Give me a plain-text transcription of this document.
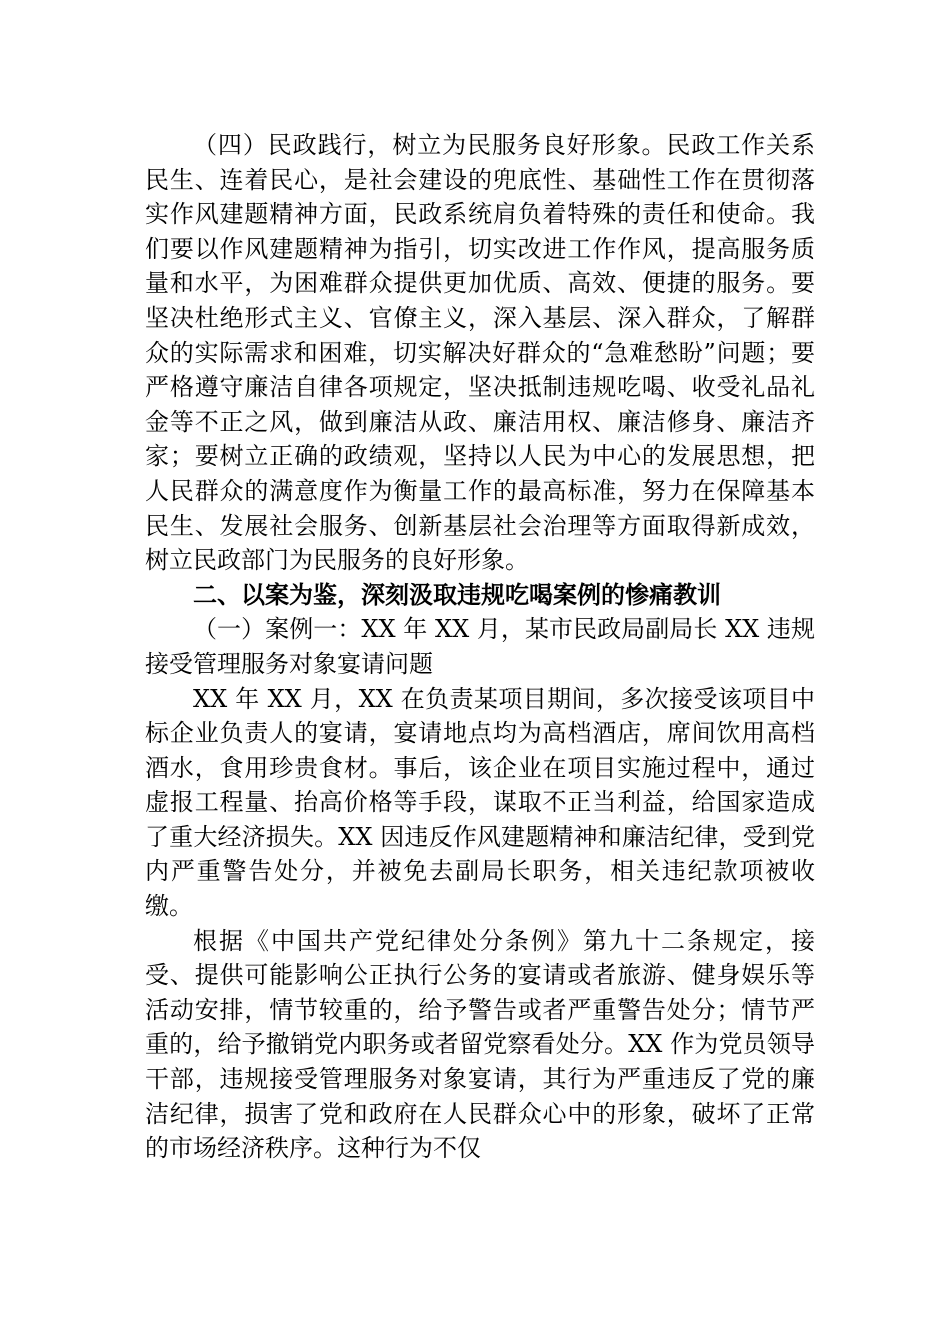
（四）民政践行，树立为民服务良好形象。民政工作关系民生、连着民心，是社会建设的兜底性、基础性工作在贯彻落实作风建题精神方面，民政系统肩负着特殊的责任和使命。我们要以作风建题精神为指引，切实改进工作作风，提高服务质量和水平，为困难群众提供更加优质、高效、便捷的服务。要坚决杜绝形式主义、官僚主义，深入基层、深入群众，了解群众的实际需求和困难，切实解决好群众的“急难愁盼”问题；要严格遵守廉洁自律各项规定，坚决抵制违规吃喝、收受礼品礼金等不正之风，做到廉洁从政、廉洁用权、廉洁修身、廉洁齐家；要树立正确的政绩观，坚持以人民为中心的发展思想，把人民群众的满意度作为衡量工作的最高标准，努力在保障基本民生、发展社会服务、创新基层社会治理等方面取得新成效，树立民政部门为民服务的良好形象。

二、以案为鉴，深刻汲取违规吃喝案例的惨痛教训

（一）案例一：XX 年 XX 月，某市民政局副局长 XX 违规接受管理服务对象宴请问题

XX 年 XX 月，XX 在负责某项目期间，多次接受该项目中标企业负责人的宴请，宴请地点均为高档酒店，席间饮用高档酒水，食用珍贵食材。事后，该企业在项目实施过程中，通过虚报工程量、抬高价格等手段，谋取不正当利益，给国家造成了重大经济损失。XX 因违反作风建题精神和廉洁纪律，受到党内严重警告处分，并被免去副局长职务，相关违纪款项被收缴。

根据《中国共产党纪律处分条例》第九十二条规定，接受、提供可能影响公正执行公务的宴请或者旅游、健身娱乐等活动安排，情节较重的，给予警告或者严重警告处分；情节严重的，给予撤销党内职务或者留党察看处分。XX 作为党员领导干部，违规接受管理服务对象宴请，其行为严重违反了党的廉洁纪律，损害了党和政府在人民群众心中的形象，破坏了正常的市场经济秩序。这种行为不仅
